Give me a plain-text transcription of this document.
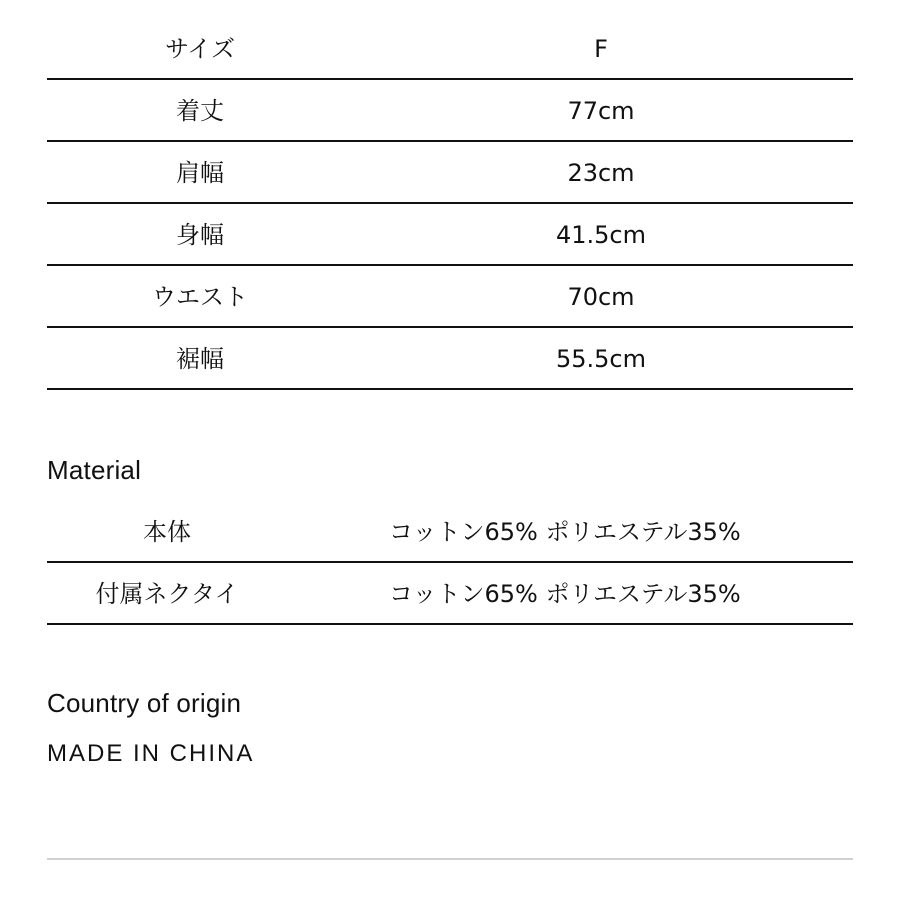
サイズ	F
着丈	77cm
肩幅	23cm
身幅	41.5cm
ウエスト	70cm
裾幅	55.5cm
Material
本体	コットン65% ポリエステル35%
付属ネクタイ	コットン65% ポリエステル35%
Country of origin
MADE IN CHINA
